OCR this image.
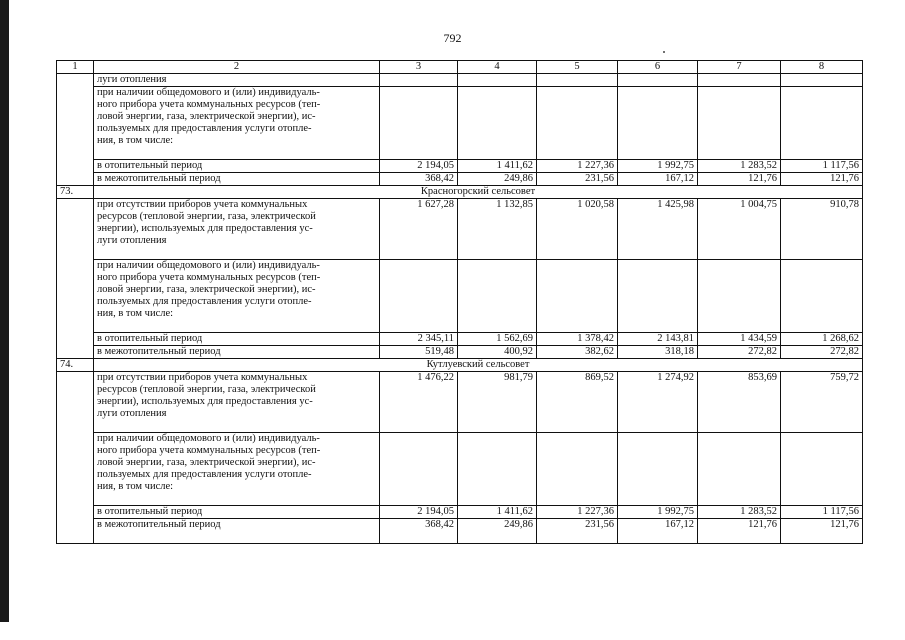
792
1	2	3	4	5	6	7	8
	луги отопления						
	при наличии общедомового и (или) индивидуаль-
ного прибора учета коммунальных ресурсов (теп-
ловой энергии, газа, электрической энергии), ис-
пользуемых для предоставления услуги отопле-
ния, в том числе:						
	в отопительный период	2 194,05	1 411,62	1 227,36	1 992,75	1 283,52	1 117,56
	в межотопительный период	368,42	249,86	231,56	167,12	121,76	121,76
73.	Красногорский сельсовет						
	при отсутствии приборов учета коммунальных
ресурсов (тепловой энергии, газа, электрической
энергии), используемых для предоставления ус-
луги отопления	1 627,28	1 132,85	1 020,58	1 425,98	1 004,75	910,78
	при наличии общедомового и (или) индивидуаль-
ного прибора учета коммунальных ресурсов (теп-
ловой энергии, газа, электрической энергии), ис-
пользуемых для предоставления услуги отопле-
ния, в том числе:						
	в отопительный период	2 345,11	1 562,69	1 378,42	2 143,81	1 434,59	1 268,62
	в межотопительный период	519,48	400,92	382,62	318,18	272,82	272,82
74.	Кутлуевский сельсовет						
	при отсутствии приборов учета коммунальных
ресурсов (тепловой энергии, газа, электрической
энергии), используемых для предоставления ус-
луги отопления	1 476,22	981,79	869,52	1 274,92	853,69	759,72
	при наличии общедомового и (или) индивидуаль-
ного прибора учета коммунальных ресурсов (теп-
ловой энергии, газа, электрической энергии), ис-
пользуемых для предоставления услуги отопле-
ния, в том числе:						
	в отопительный период	2 194,05	1 411,62	1 227,36	1 992,75	1 283,52	1 117,56
	в межотопительный период	368,42	249,86	231,56	167,12	121,76	121,76
